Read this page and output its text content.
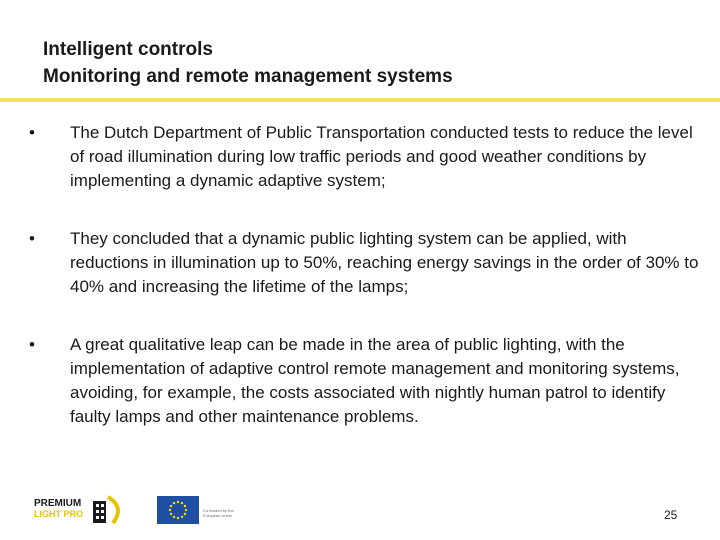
Intelligent controls
Monitoring and remote management systems
• The Dutch Department of Public Transportation conducted tests to reduce the level of road illumination during low traffic periods and good weather conditions by implementing a dynamic adaptive system;
• They concluded that a dynamic public lighting system can be applied, with reductions in illumination up to 50%, reaching energy savings in the order of 30% to 40% and increasing the lifetime of the lamps;
• A great qualitative leap can be made in the area of public lighting, with the implementation of adaptive control remote management and monitoring systems, avoiding, for example, the costs associated with nightly human patrol to identify faulty lamps and other maintenance problems.
PREMIUM
LIGHT PRO	Co-funded by the European Union	25
